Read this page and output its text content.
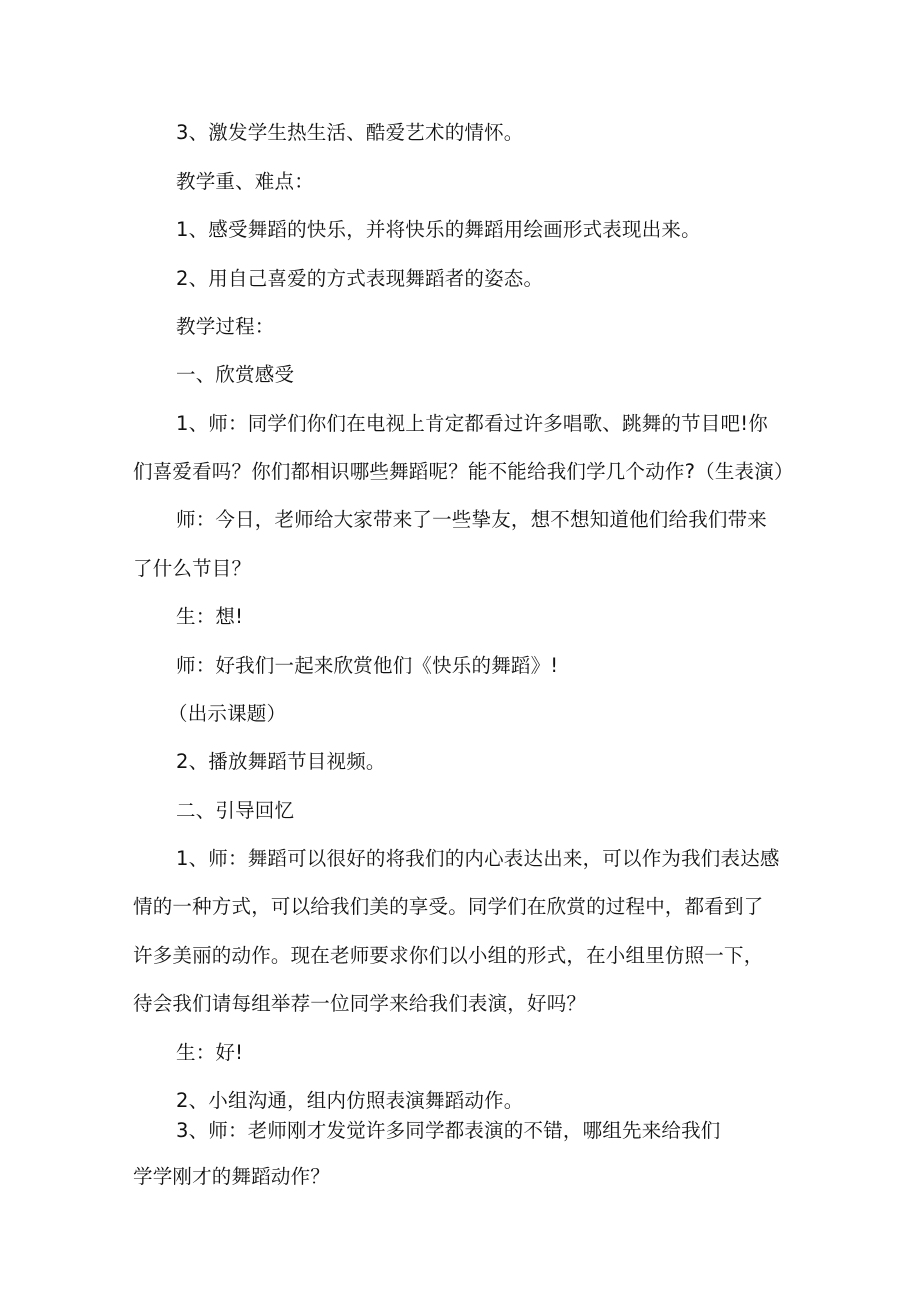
3、激发学生热生活、酷爱艺术的情怀。
教学重、难点：
1、感受舞蹈的快乐，并将快乐的舞蹈用绘画形式表现出来。
2、用自己喜爱的方式表现舞蹈者的姿态。
教学过程：
一、欣赏感受
1、师：同学们你们在电视上肯定都看过许多唱歌、跳舞的节目吧!你
们喜爱看吗？你们都相识哪些舞蹈呢？能不能给我们学几个动作?（生表演）
师：今日，老师给大家带来了一些挚友，想不想知道他们给我们带来
了什么节目？
生：想!
师：好我们一起来欣赏他们《快乐的舞蹈》!
（出示课题）
2、播放舞蹈节目视频。
二、引导回忆
1、师：舞蹈可以很好的将我们的内心表达出来，可以作为我们表达感
情的一种方式，可以给我们美的享受。同学们在欣赏的过程中，都看到了
许多美丽的动作。现在老师要求你们以小组的形式，在小组里仿照一下，
待会我们请每组举荐一位同学来给我们表演，好吗？
生：好!
2、小组沟通，组内仿照表演舞蹈动作。
3、师：老师刚才发觉许多同学都表演的不错，哪组先来给我们
学学刚才的舞蹈动作？
